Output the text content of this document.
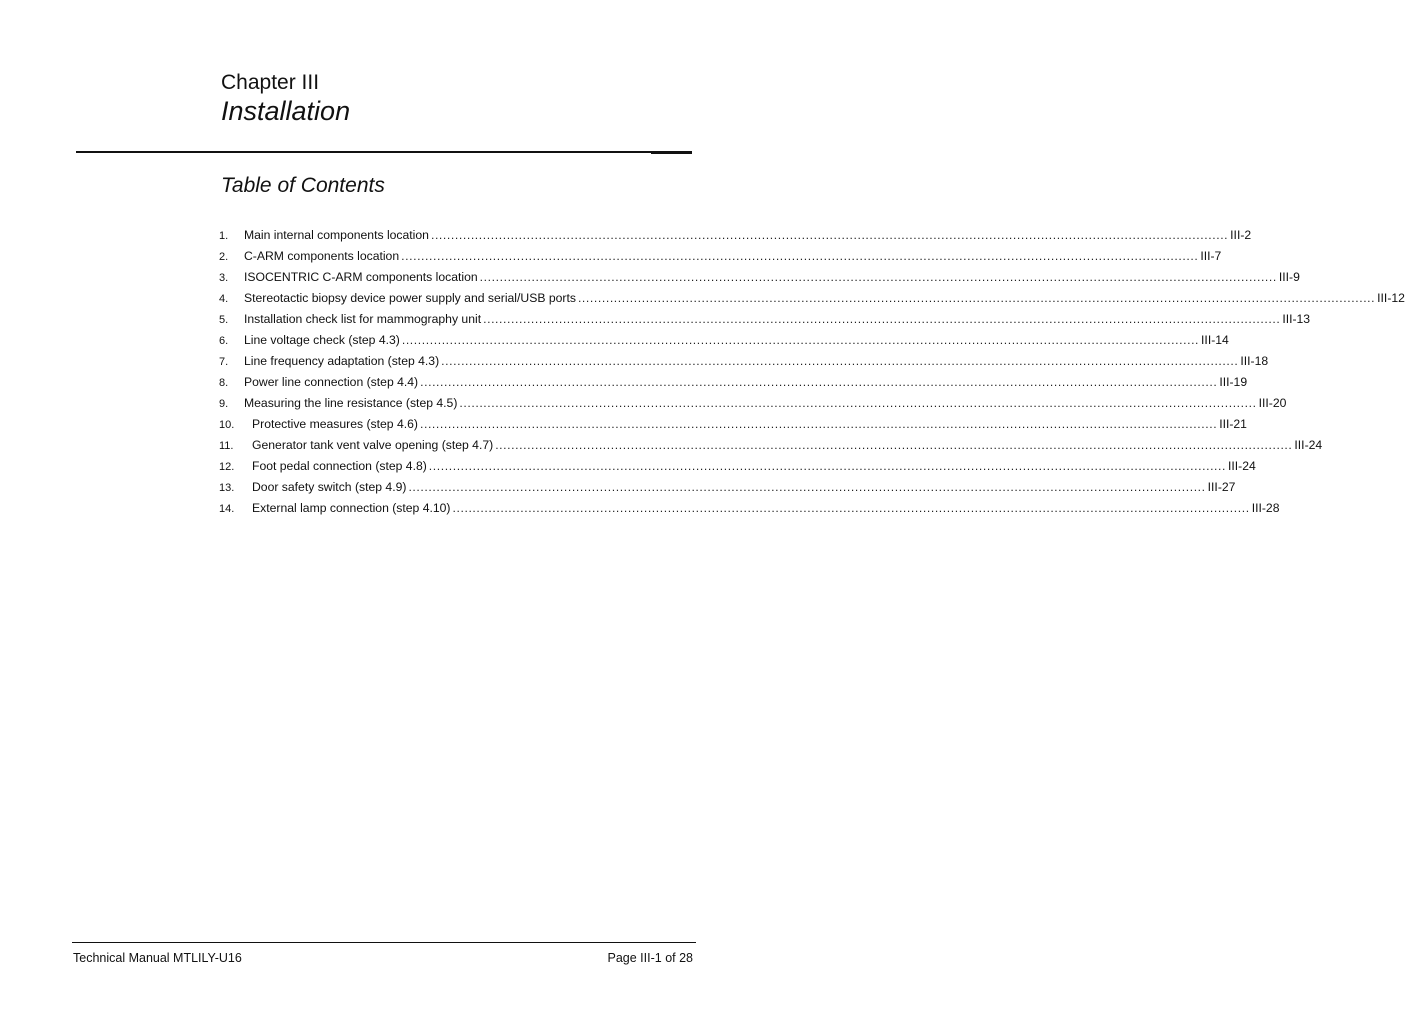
Chapter III
Installation
Table of Contents
1.	Main internal components location ........................................................................................................................................................................................................ III-2
2.	C-ARM components location ........................................................................................................................................................................................................ III-7
3.	ISOCENTRIC C-ARM components location ........................................................................................................................................................................................................ III-9
4.	Stereotactic biopsy device power supply and serial/USB ports ........................................................................................................................................................................................................ III-12
5.	Installation check list for mammography unit ........................................................................................................................................................................................................ III-13
6.	Line voltage check (step 4.3) ........................................................................................................................................................................................................ III-14
7.	Line frequency adaptation (step 4.3) ........................................................................................................................................................................................................ III-18
8.	Power line connection (step 4.4) ........................................................................................................................................................................................................ III-19
9.	Measuring the line resistance (step 4.5) ........................................................................................................................................................................................................ III-20
10.	Protective measures (step 4.6) ........................................................................................................................................................................................................ III-21
11.	Generator tank vent valve opening (step 4.7) ........................................................................................................................................................................................................ III-24
12.	Foot pedal connection (step 4.8) ........................................................................................................................................................................................................ III-24
13.	Door safety switch (step 4.9) ........................................................................................................................................................................................................ III-27
14.	External lamp connection (step 4.10) ........................................................................................................................................................................................................ III-28
Technical Manual MTLILY-U16	Page III-1 of 28
